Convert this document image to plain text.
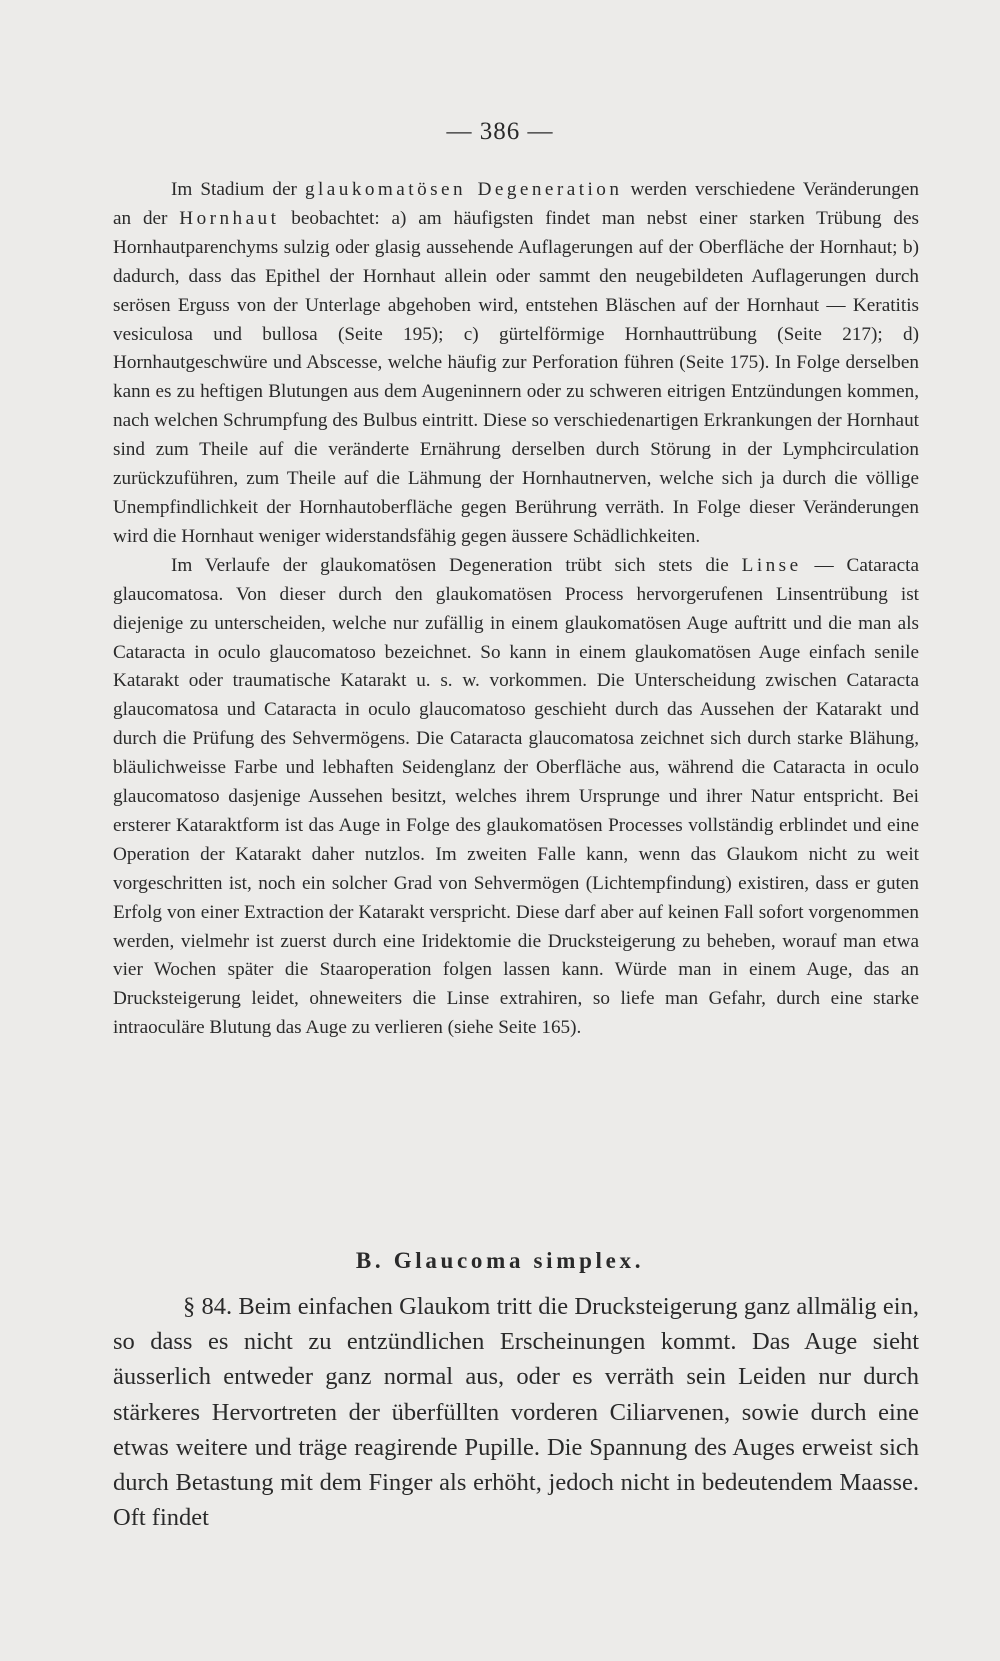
— 386 —

Im Stadium der glaukomatösen Degeneration werden verschiedene Veränderungen an der Hornhaut beobachtet: a) am häufigsten findet man nebst einer starken Trübung des Hornhautparenchyms sulzig oder glasig aussehende Auflagerungen auf der Oberfläche der Hornhaut; b) dadurch, dass das Epithel der Hornhaut allein oder sammt den neugebildeten Auflagerungen durch serösen Erguss von der Unterlage abgehoben wird, entstehen Bläschen auf der Hornhaut — Keratitis vesiculosa und bullosa (Seite 195); c) gürtelförmige Hornhauttrübung (Seite 217); d) Hornhautgeschwüre und Abscesse, welche häufig zur Perforation führen (Seite 175). In Folge derselben kann es zu heftigen Blutungen aus dem Augeninnern oder zu schweren eitrigen Entzündungen kommen, nach welchen Schrumpfung des Bulbus eintritt. Diese so verschiedenartigen Erkrankungen der Hornhaut sind zum Theile auf die veränderte Ernährung derselben durch Störung in der Lymphcirculation zurückzuführen, zum Theile auf die Lähmung der Hornhautnerven, welche sich ja durch die völlige Unempfindlichkeit der Hornhautoberfläche gegen Berührung verräth. In Folge dieser Veränderungen wird die Hornhaut weniger widerstandsfähig gegen äussere Schädlichkeiten.

Im Verlaufe der glaukomatösen Degeneration trübt sich stets die Linse — Cataracta glaucomatosa. Von dieser durch den glaukomatösen Process hervorgerufenen Linsentrübung ist diejenige zu unterscheiden, welche nur zufällig in einem glaukomatösen Auge auftritt und die man als Cataracta in oculo glaucomatoso bezeichnet. So kann in einem glaukomatösen Auge einfach senile Katarakt oder traumatische Katarakt u. s. w. vorkommen. Die Unterscheidung zwischen Cataracta glaucomatosa und Cataracta in oculo glaucomatoso geschieht durch das Aussehen der Katarakt und durch die Prüfung des Sehvermögens. Die Cataracta glaucomatosa zeichnet sich durch starke Blähung, bläulichweisse Farbe und lebhaften Seidenglanz der Oberfläche aus, während die Cataracta in oculo glaucomatoso dasjenige Aussehen besitzt, welches ihrem Ursprunge und ihrer Natur entspricht. Bei ersterer Kataraktform ist das Auge in Folge des glaukomatösen Processes vollständig erblindet und eine Operation der Katarakt daher nutzlos. Im zweiten Falle kann, wenn das Glaukom nicht zu weit vorgeschritten ist, noch ein solcher Grad von Sehvermögen (Lichtempfindung) existiren, dass er guten Erfolg von einer Extraction der Katarakt verspricht. Diese darf aber auf keinen Fall sofort vorgenommen werden, vielmehr ist zuerst durch eine Iridektomie die Drucksteigerung zu beheben, worauf man etwa vier Wochen später die Staaroperation folgen lassen kann. Würde man in einem Auge, das an Drucksteigerung leidet, ohneweiters die Linse extrahiren, so liefe man Gefahr, durch eine starke intraoculäre Blutung das Auge zu verlieren (siehe Seite 165).

B. Glaucoma simplex.

§ 84. Beim einfachen Glaukom tritt die Drucksteigerung ganz allmälig ein, so dass es nicht zu entzündlichen Erscheinungen kommt. Das Auge sieht äusserlich entweder ganz normal aus, oder es verräth sein Leiden nur durch stärkeres Hervortreten der überfüllten vorderen Ciliarvenen, sowie durch eine etwas weitere und träge reagirende Pupille. Die Spannung des Auges erweist sich durch Betastung mit dem Finger als erhöht, jedoch nicht in bedeutendem Maasse. Oft findet
